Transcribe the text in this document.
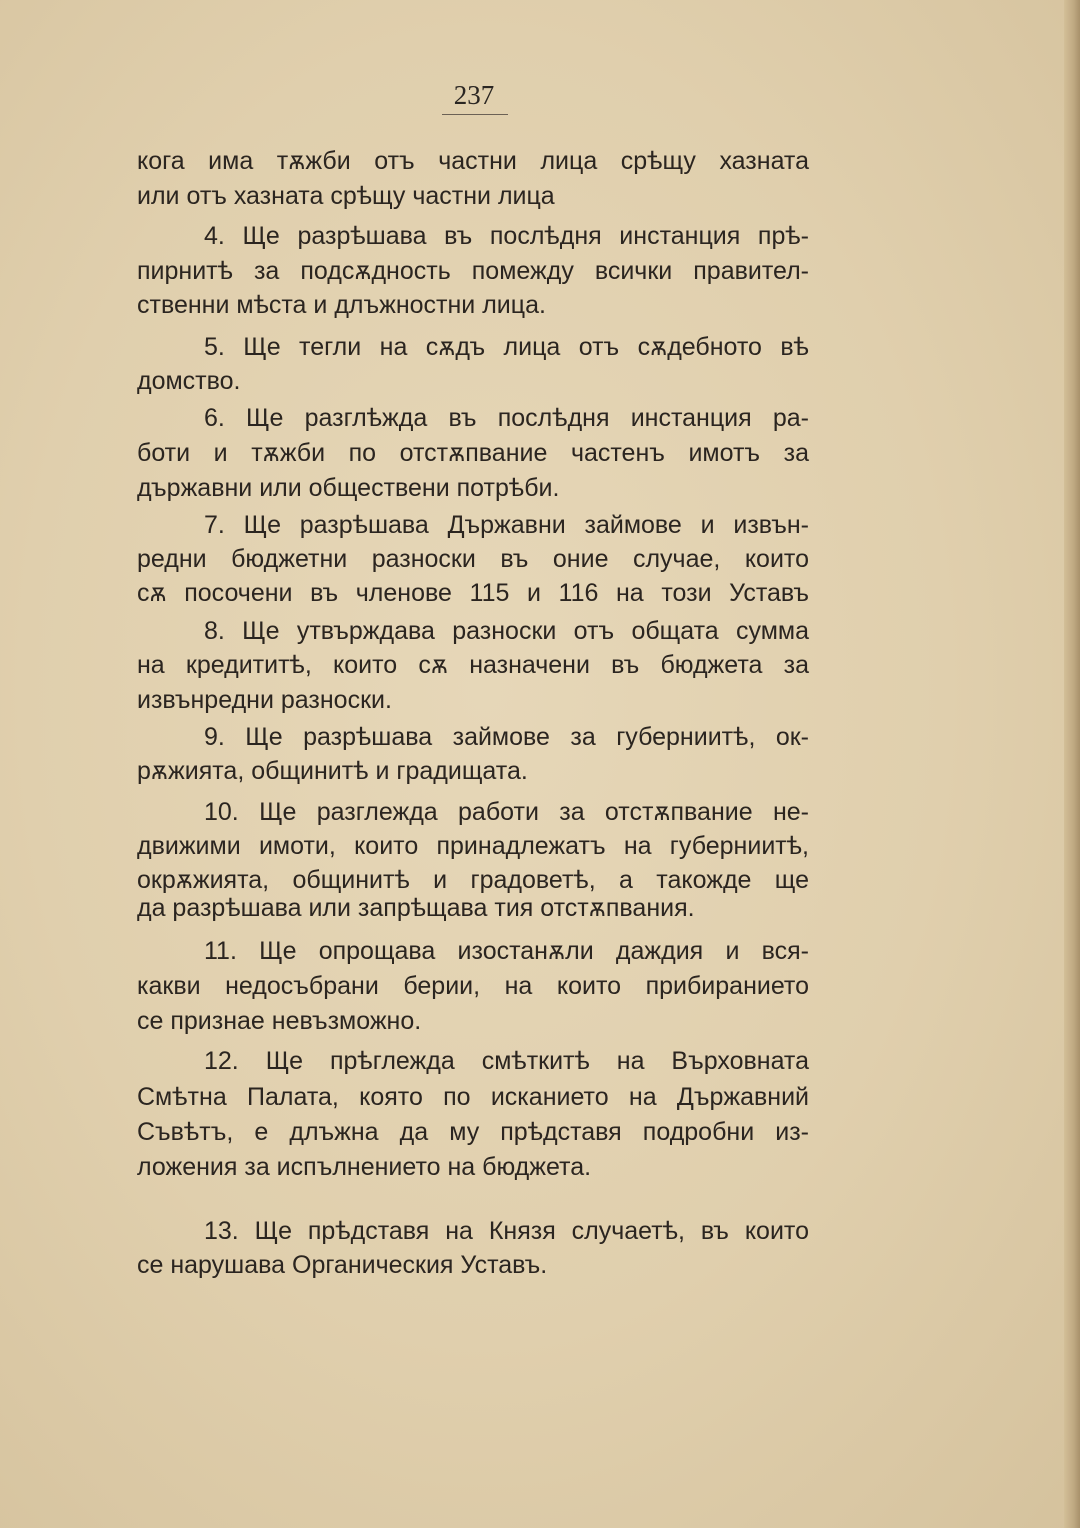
237

кога има тѫжби отъ частни лица срѣщу хазната

или отъ хазната срѣщу частни лица

4. Ще разрѣшава въ послѣдня инстанция прѣ-

пирнитѣ за подсѫдность помежду всички правител-

ственни мѣста и длъжностни лица.

5. Ще тегли на сѫдъ лица отъ сѫдебното вѣ

домство.

6. Ще разглѣжда въ послѣдня инстанция ра-

боти и тѫжби по отстѫпвание частенъ имотъ за

държавни или обществени потрѣби.

7. Ще разрѣшава Държавни займове и извън-

редни бюджетни разноски въ оние случае, които

сѫ посочени въ членове 115 и 116 на този Уставъ

8. Ще утвърждава разноски отъ общата сумма

на кредититѣ, които сѫ назначени въ бюджета за

извънредни разноски.

9. Ще разрѣшава займове за губерниитѣ, ок-

рѫжията, общинитѣ и градищата.

10. Ще разглежда работи за отстѫпвание не-

движими имоти, които принадлежатъ на губерниитѣ,

окрѫжията, общинитѣ и градоветѣ, а такожде ще

да разрѣшава или запрѣщава тия отстѫпвания.

11. Ще опрощава изостанѫли даждия и вся-

какви недосъбрани берии, на които прибиранието

се признае невъзможно.

12. Ще прѣглежда смѣткитѣ на Върховната

Смѣтна Палата, която по исканието на Държавний

Съвѣтъ, е длъжна да му прѣдставя подробни из-

ложения за испълнението на бюджета.

13. Ще прѣдставя на Князя случаетѣ, въ които

се нарушава Органическия Уставъ.
